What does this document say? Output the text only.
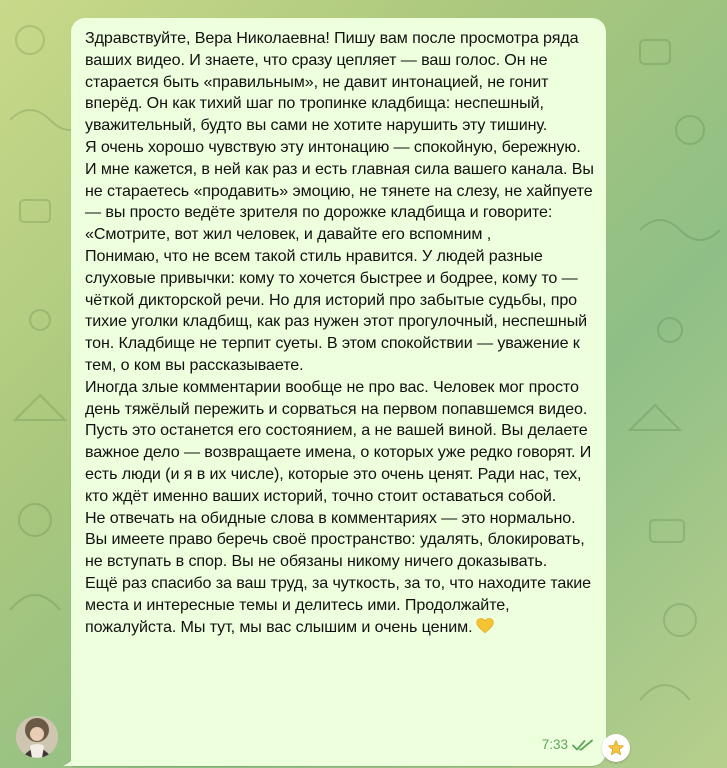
Здравствуйте, Вера Николаевна! Пишу вам после просмотра ряда ваших видео. И знаете, что сразу цепляет — ваш голос. Он не старается быть «правильным», не давит интонацией, не гонит вперёд. Он как тихий шаг по тропинке кладбища: неспешный, уважительный, будто вы сами не хотите нарушить эту тишину.

Я очень хорошо чувствую эту интонацию — спокойную, бережную. И мне кажется, в ней как раз и есть главная сила вашего канала. Вы не стараетесь «продавить» эмоцию, не тянете на слезу, не хайпуете — вы просто ведёте зрителя по дорожке кладбища и говорите: «Смотрите, вот жил человек, и давайте его вспомним ,

Понимаю, что не всем такой стиль нравится. У людей разные слуховые привычки: кому то хочется быстрее и бодрее, кому то — чёткой дикторской речи. Но для историй про забытые судьбы, про тихие уголки кладбищ, как раз нужен этот прогулочный, неспешный тон. Кладбище не терпит суеты. В этом спокойствии — уважение к тем, о ком вы рассказываете.

Иногда злые комментарии вообще не про вас. Человек мог просто день тяжёлый пережить и сорваться на первом попавшемся видео. Пусть это останется его состоянием, а не вашей виной. Вы делаете важное дело — возвращаете имена, о которых уже редко говорят. И есть люди (и я в их числе), которые это очень ценят. Ради нас, тех, кто ждёт именно ваших историй, точно стоит оставаться собой.

Не отвечать на обидные слова в комментариях — это нормально. Вы имеете право беречь своё пространство: удалять, блокировать, не вступать в спор. Вы не обязаны никому ничего доказывать.

Ещё раз спасибо за ваш труд, за чуткость, за то, что находите такие места и интересные темы и делитесь ими. Продолжайте, пожалуйста. Мы тут, мы вас слышим и очень ценим.

7:33
